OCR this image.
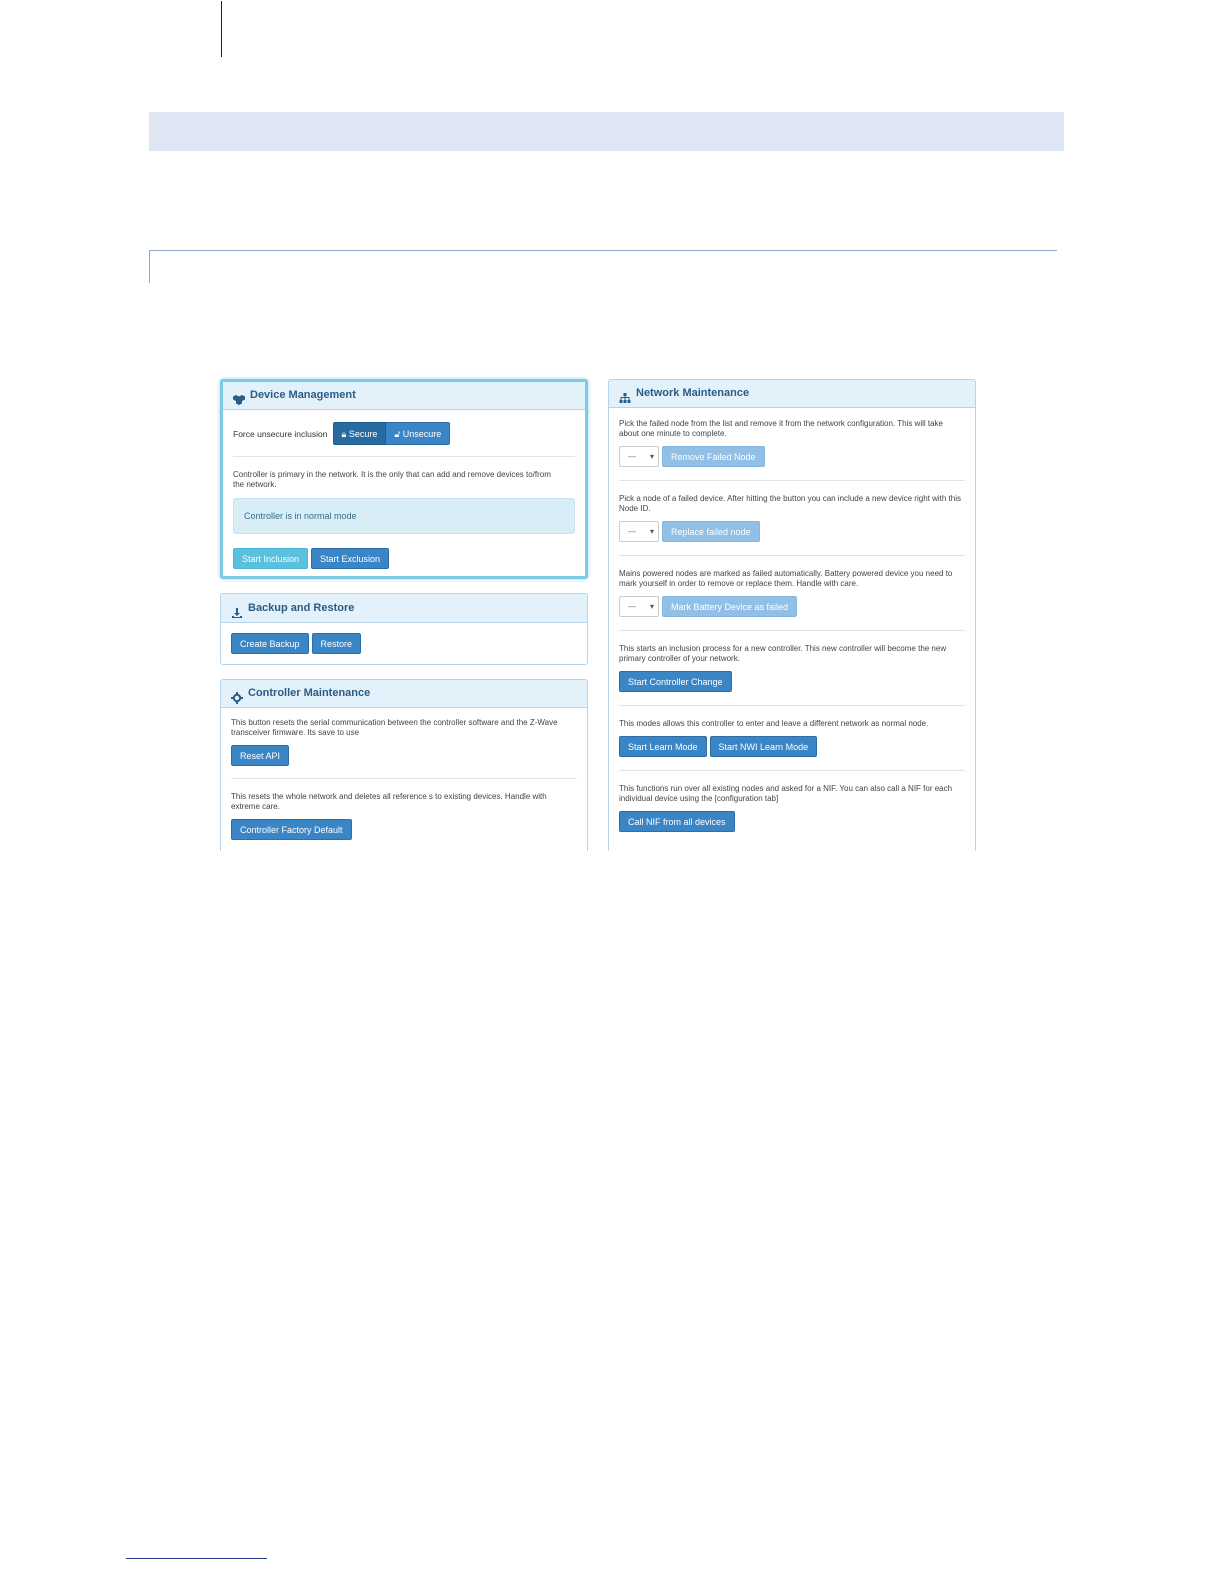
Device Management
Force unsecure inclusion	🔒︎ Secure	🔓︎ Unsecure
Controller is primary in the network. It is the only that can add and remove devices to/from the network.
Controller is in normal mode
Start Inclusion	Start Exclusion
Backup and Restore
Create Backup	Restore
Controller Maintenance
This button resets the serial communication between the controller software and the Z-Wave transceiver firmware. Its save to use
Reset API
This resets the whole network and deletes all reference s to existing devices. Handle with extreme care.
Controller Factory Default
Network Maintenance
Pick the failed node from the list and remove it from the network configuration. This will take about one minute to complete.
--- ▾	Remove Failed Node
Pick a node of a failed device. After hitting the button you can include a new device right with this Node ID.
--- ▾	Replace failed node
Mains powered nodes are marked as failed automatically. Battery powered device you need to mark yourself in order to remove or replace them. Handle with care.
--- ▾	Mark Battery Device as failed
This starts an inclusion process for a new controller. This new controller will become the new primary controller of your network.
Start Controller Change
This modes allows this controller to enter and leave a different network as normal node.
Start Learn Mode	Start NWI Learn Mode
This functions run over all existing nodes and asked for a NIF. You can also call a NIF for each individual device using the [configuration tab]
Call NIF from all devices
